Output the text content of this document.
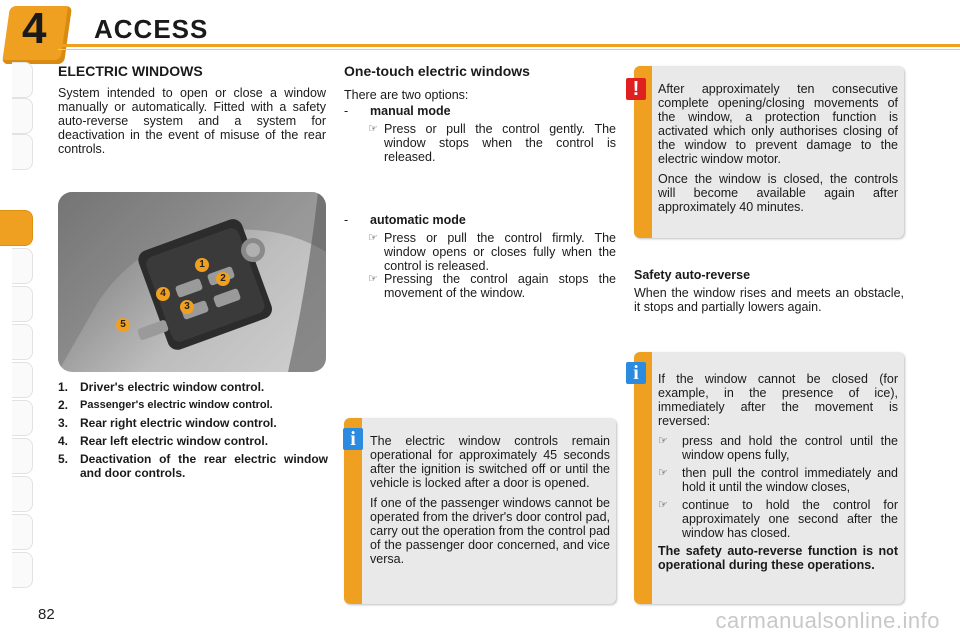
4 ACCESS
ELECTRIC WINDOWS
System intended to open or close a window manually or automatically. Fitted with a safety auto-reverse system and a system for deactivation in the event of misuse of the rear controls.
1
2
3
4
5
1. Driver's electric window control.
2.	Passenger's electric window control.
3. Rear right electric window control.
4. Rear left electric window control.
5. Deactivation of the rear electric window and door controls.
One-touch electric windows
There are two options:
- manual mode
☞ Press or pull the control gently. The window stops when the control is released.
- automatic mode
☞ Press or pull the control firmly. The window opens or closes fully when the control is released.
☞ Pressing the control again stops the movement of the window.

The electric window controls remain operational for approximately 45 seconds after the ignition is switched off or until the vehicle is locked after a door is opened.

If one of the passenger windows cannot be operated from the driver's door control pad, carry out the operation from the control pad of the passenger door concerned, and vice versa.

i

After approximately ten consecutive complete opening/closing movements of the window, a protection function is activated which only authorises closing of the window to prevent damage to the electric window motor.

Once the window is closed, the controls will become available again after approximately 40 minutes.

!
Safety auto-reverse
When the window rises and meets an obstacle, it stops and partially lowers again.

If the window cannot be closed (for example, in the presence of ice), immediately after the movement is reversed:

☞ press and hold the control until the window opens fully,
☞ then pull the control immediately and hold it until the window closes,
☞ continue to hold the control for approximately one second after the window has closed.

The safety auto-reverse function is not operational during these operations.

i
82	carmanualsonline.info
